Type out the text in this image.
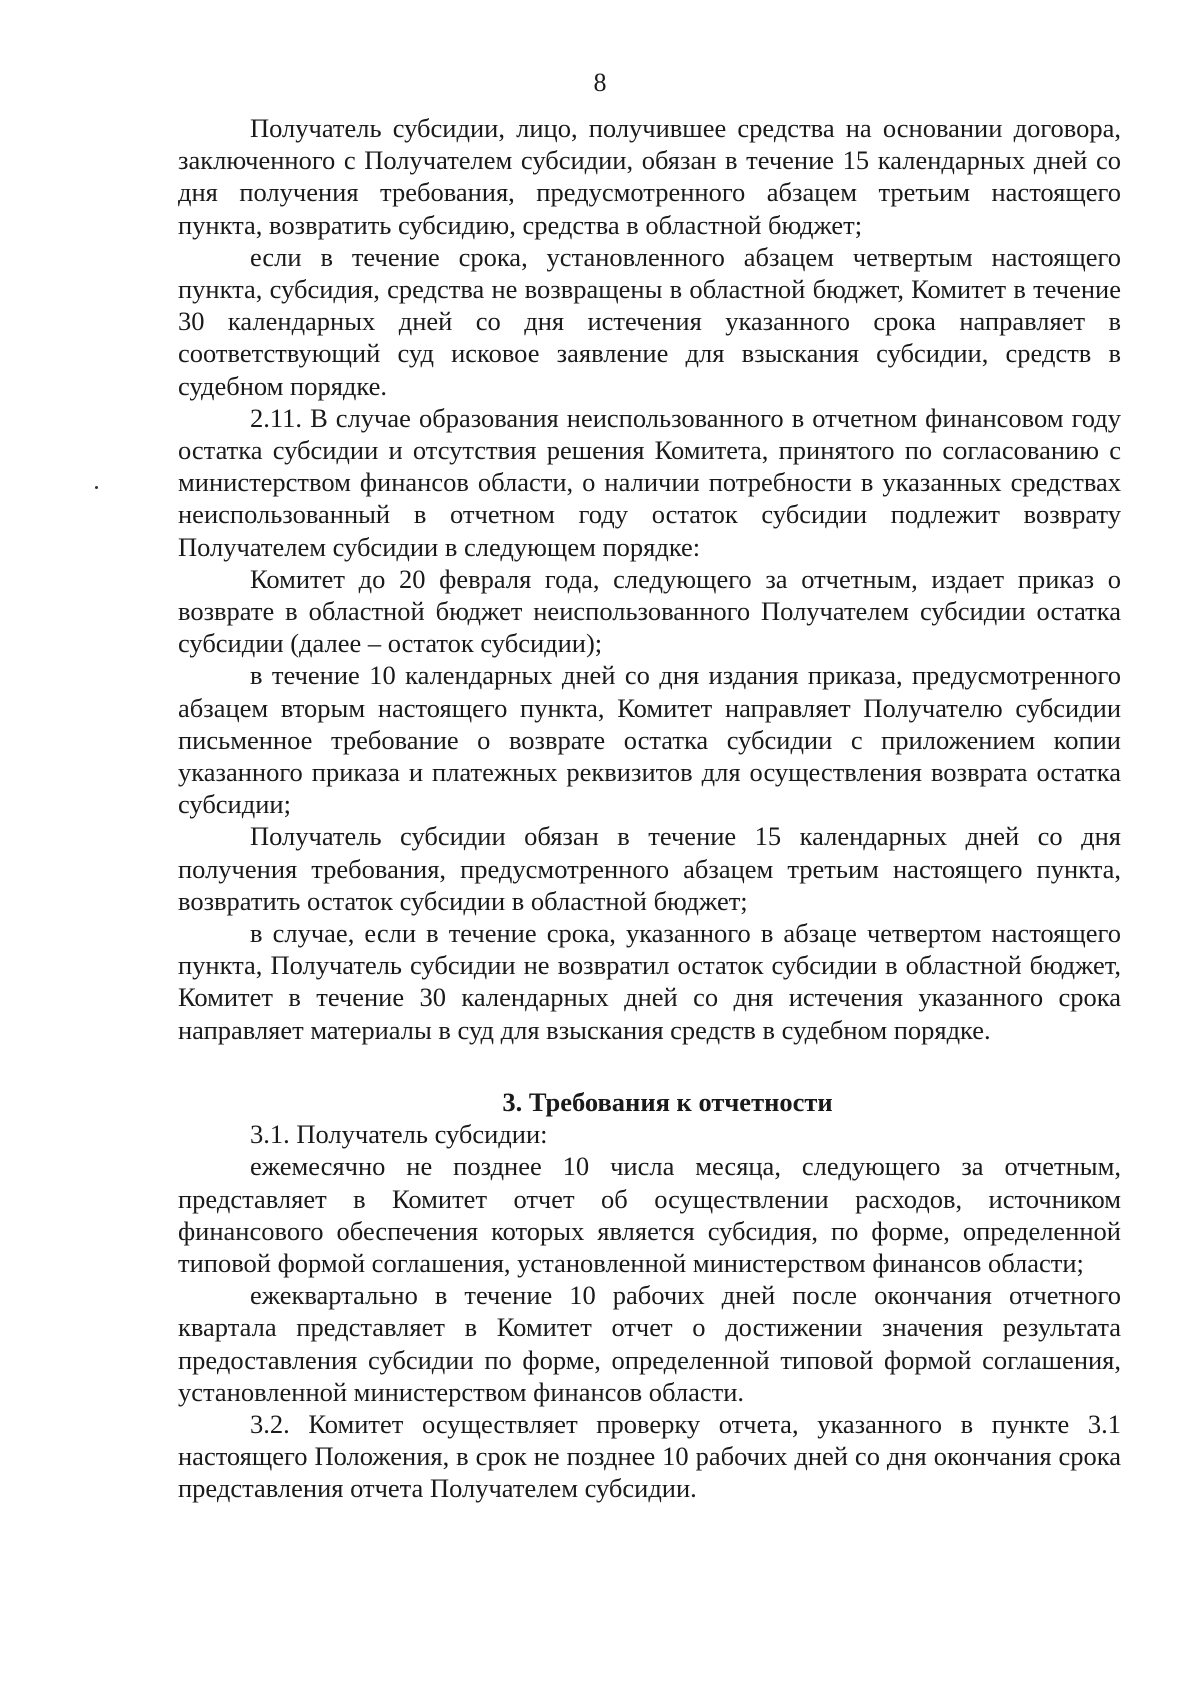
8

Получатель субсидии, лицо, получившее средства на основании договора, заключенного с Получателем субсидии, обязан в течение 15 календарных дней со дня получения требования, предусмотренного абзацем третьим настоящего пункта, возвратить субсидию, средства в областной бюджет;

если в течение срока, установленного абзацем четвертым настоящего пункта, субсидия, средства не возвращены в областной бюджет, Комитет в течение 30 календарных дней со дня истечения указанного срока направляет в соответствующий суд исковое заявление для взыскания субсидии, средств в судебном порядке.

2.11. В случае образования неиспользованного в отчетном финансовом году остатка субсидии и отсутствия решения Комитета, принятого по согласованию с министерством финансов области, о наличии потребности в указанных средствах неиспользованный в отчетном году остаток субсидии подлежит возврату Получателем субсидии в следующем порядке:

Комитет до 20 февраля года, следующего за отчетным, издает приказ о возврате в областной бюджет неиспользованного Получателем субсидии остатка субсидии (далее – остаток субсидии);

в течение 10 календарных дней со дня издания приказа, предусмотренного абзацем вторым настоящего пункта, Комитет направляет Получателю субсидии письменное требование о возврате остатка субсидии с приложением копии указанного приказа и платежных реквизитов для осуществления возврата остатка субсидии;

Получатель субсидии обязан в течение 15 календарных дней со дня получения требования, предусмотренного абзацем третьим настоящего пункта, возвратить остаток субсидии в областной бюджет;

в случае, если в течение срока, указанного в абзаце четвертом настоящего пункта, Получатель субсидии не возвратил остаток субсидии в областной бюджет, Комитет в течение 30 календарных дней со дня истечения указанного срока направляет материалы в суд для взыскания средств в судебном порядке.

3. Требования к отчетности

3.1. Получатель субсидии:

ежемесячно не позднее 10 числа месяца, следующего за отчетным, представляет в Комитет отчет об осуществлении расходов, источником финансового обеспечения которых является субсидия, по форме, определенной типовой формой соглашения, установленной министерством финансов области;

ежеквартально в течение 10 рабочих дней после окончания отчетного квартала представляет в Комитет отчет о достижении значения результата предоставления субсидии по форме, определенной типовой формой соглашения, установленной министерством финансов области.

3.2. Комитет осуществляет проверку отчета, указанного в пункте 3.1 настоящего Положения, в срок не позднее 10 рабочих дней со дня окончания срока представления отчета Получателем субсидии.
